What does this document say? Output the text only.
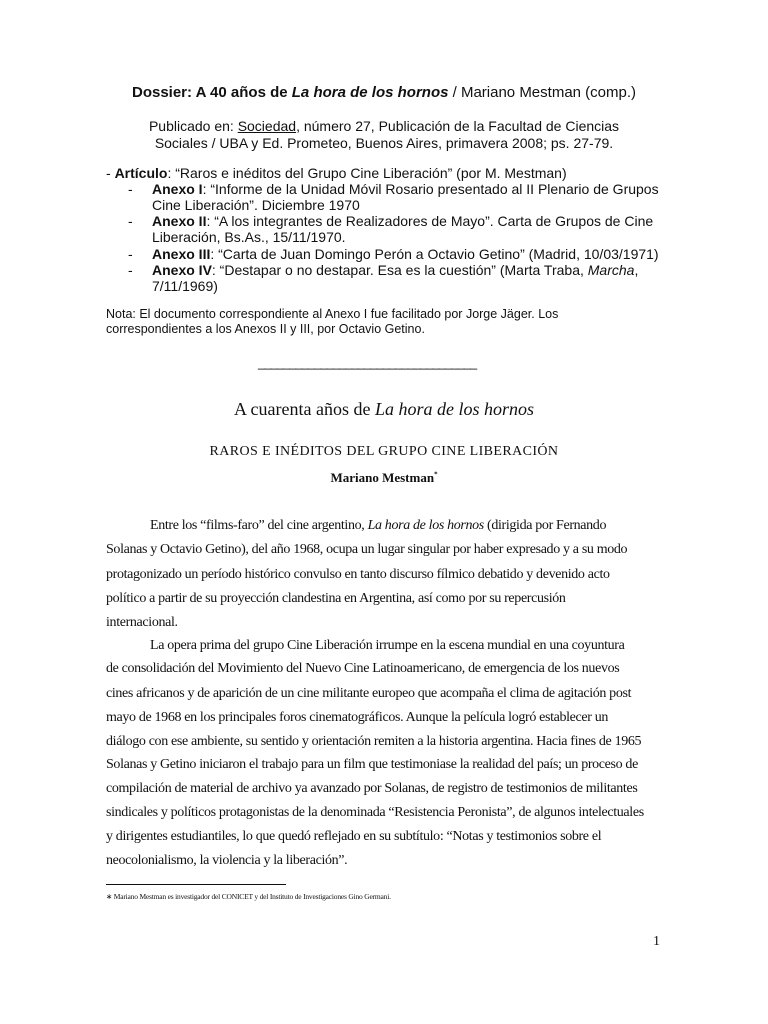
Dossier: A 40 años de La hora de los hornos / Mariano Mestman (comp.)
Publicado en: Sociedad, número 27, Publicación de la Facultad de Ciencias
Sociales / UBA y Ed. Prometeo, Buenos Aires, primavera 2008; ps. 27-79.
- Artículo: “Raros e inéditos del Grupo Cine Liberación” (por M. Mestman)
- Anexo I: “Informe de la Unidad Móvil Rosario presentado al II Plenario de Grupos
Cine Liberación”. Diciembre 1970
- Anexo II: “A los integrantes de Realizadores de Mayo”. Carta de Grupos de Cine
Liberación, Bs.As., 15/11/1970.
- Anexo III: “Carta de Juan Domingo Perón a Octavio Getino” (Madrid, 10/03/1971)
- Anexo IV: “Destapar o no destapar. Esa es la cuestión” (Marta Traba, Marcha,
7/11/1969)
Nota: El documento correspondiente al Anexo I fue facilitado por Jorge Jäger. Los
correspondientes a los Anexos II y III, por Octavio Getino.
___________________________________
A cuarenta años de La hora de los hornos
RAROS E INÉDITOS DEL GRUPO CINE LIBERACIÓN
Mariano Mestman*
Entre los “films-faro” del cine argentino, La hora de los hornos (dirigida por Fernando
Solanas y Octavio Getino), del año 1968, ocupa un lugar singular por haber expresado y a su modo
protagonizado un período histórico convulso en tanto discurso fílmico debatido y devenido acto
político a partir de su proyección clandestina en Argentina, así como por su repercusión
internacional.
La opera prima del grupo Cine Liberación irrumpe en la escena mundial en una coyuntura
de consolidación del Movimiento del Nuevo Cine Latinoamericano, de emergencia de los nuevos
cines africanos y de aparición de un cine militante europeo que acompaña el clima de agitación post
mayo de 1968 en los principales foros cinematográficos. Aunque la película logró establecer un
diálogo con ese ambiente, su sentido y orientación remiten a la historia argentina. Hacia fines de 1965
Solanas y Getino iniciaron el trabajo para un film que testimoniase la realidad del país; un proceso de
compilación de material de archivo ya avanzado por Solanas, de registro de testimonios de militantes
sindicales y políticos protagonistas de la denominada “Resistencia Peronista”, de algunos intelectuales
y dirigentes estudiantiles, lo que quedó reflejado en su subtítulo: “Notas y testimonios sobre el
neocolonialismo, la violencia y la liberación”.
∗ Mariano Mestman es investigador del CONICET y del Instituto de Investigaciones Gino Germani.
1
